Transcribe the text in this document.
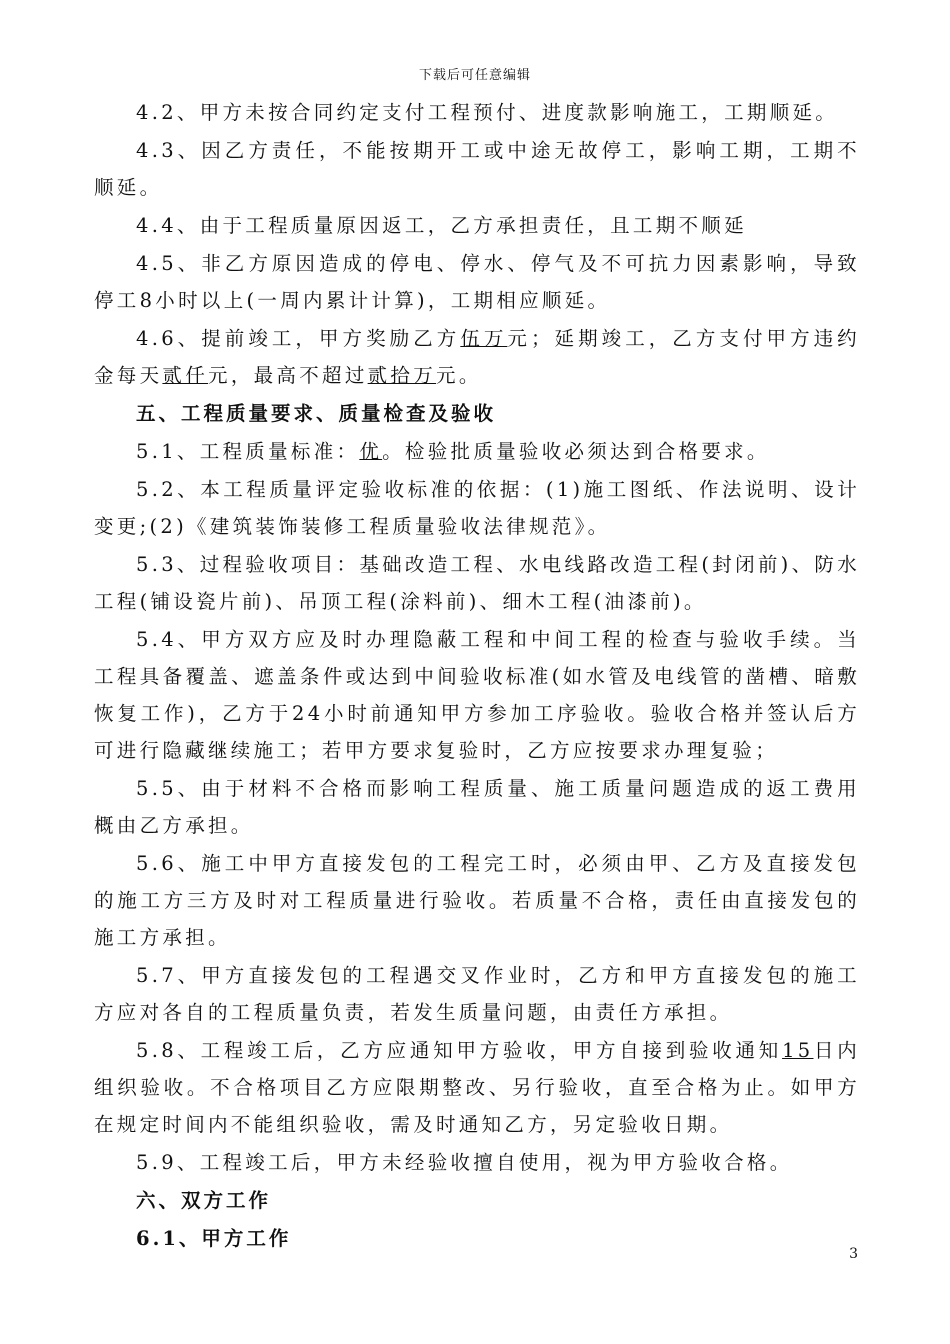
下载后可任意编辑

4.2、甲方未按合同约定支付工程预付、进度款影响施工，工期顺延。

4.3、因乙方责任，不能按期开工或中途无故停工，影响工期，工期不顺延。

4.4、由于工程质量原因返工，乙方承担责任，且工期不顺延

4.5、非乙方原因造成的停电、停水、停气及不可抗力因素影响，导致停工8小时以上(一周内累计计算)，工期相应顺延。

4.6、提前竣工，甲方奖励乙方伍万元；延期竣工，乙方支付甲方违约金每天贰仟元，最高不超过贰拾万元。

五、工程质量要求、质量检查及验收

5.1、工程质量标准：优。检验批质量验收必须达到合格要求。

5.2、本工程质量评定验收标准的依据：(1)施工图纸、作法说明、设计变更;(2)《建筑装饰装修工程质量验收法律规范》。

5.3、过程验收项目：基础改造工程、水电线路改造工程(封闭前)、防水工程(铺设瓷片前)、吊顶工程(涂料前)、细木工程(油漆前)。

5.4、甲方双方应及时办理隐蔽工程和中间工程的检查与验收手续。当工程具备覆盖、遮盖条件或达到中间验收标准(如水管及电线管的凿槽、暗敷恢复工作)，乙方于24小时前通知甲方参加工序验收。验收合格并签认后方可进行隐藏继续施工；若甲方要求复验时，乙方应按要求办理复验；

5.5、由于材料不合格而影响工程质量、施工质量问题造成的返工费用概由乙方承担。

5.6、施工中甲方直接发包的工程完工时，必须由甲、乙方及直接发包的施工方三方及时对工程质量进行验收。若质量不合格，责任由直接发包的施工方承担。

5.7、甲方直接发包的工程遇交叉作业时，乙方和甲方直接发包的施工方应对各自的工程质量负责，若发生质量问题，由责任方承担。

5.8、工程竣工后，乙方应通知甲方验收，甲方自接到验收通知15日内组织验收。不合格项目乙方应限期整改、另行验收，直至合格为止。如甲方在规定时间内不能组织验收，需及时通知乙方，另定验收日期。

5.9、工程竣工后，甲方未经验收擅自使用，视为甲方验收合格。

六、双方工作

6.1、甲方工作

3
